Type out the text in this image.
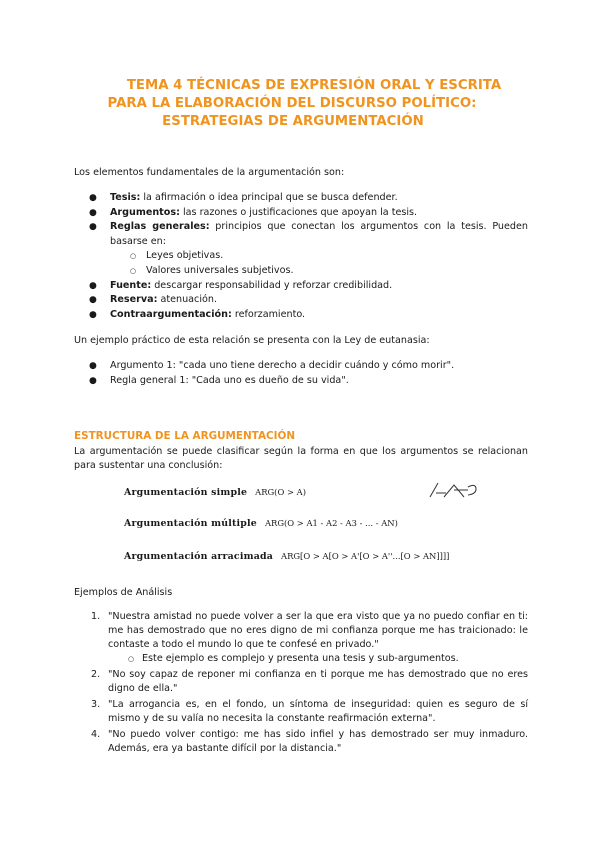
TEMA 4 TÉCNICAS DE EXPRESIÓN ORAL Y ESCRITA
PARA LA ELABORACIÓN DEL DISCURSO POLÍTICO:
ESTRATEGIAS DE ARGUMENTACIÓN
Los elementos fundamentales de la argumentación son:
● Tesis: la afirmación o idea principal que se busca defender.
● Argumentos: las razones o justificaciones que apoyan la tesis.
● Reglas generales: principios que conectan los argumentos con la tesis. Pueden basarse en:
○ Leyes objetivas.
○ Valores universales subjetivos.
● Fuente: descargar responsabilidad y reforzar credibilidad.
● Reserva: atenuación.
● Contraargumentación: reforzamiento.
Un ejemplo práctico de esta relación se presenta con la Ley de eutanasia:
● Argumento 1: "cada uno tiene derecho a decidir cuándo y cómo morir".
● Regla general 1: "Cada uno es dueño de su vida".
ESTRUCTURA DE LA ARGUMENTACIÓN
La argumentación se puede clasificar según la forma en que los argumentos se relacionan para sustentar una conclusión:
Argumentación simple ARG(O > A)
Argumentación múltiple ARG(O > A1 - A2 - A3 - ... - AN)
Argumentación arracimada ARG[O > A[O > A'[O > A''...[O > AN]]]]
Ejemplos de Análisis
1. "Nuestra amistad no puede volver a ser la que era visto que ya no puedo confiar en ti: me has demostrado que no eres digno de mi confianza porque me has traicionado: le contaste a todo el mundo lo que te confesé en privado."
○ Este ejemplo es complejo y presenta una tesis y sub-argumentos.
2. "No soy capaz de reponer mi confianza en ti porque me has demostrado que no eres digno de ella."
3. "La arrogancia es, en el fondo, un síntoma de inseguridad: quien es seguro de sí mismo y de su valía no necesita la constante reafirmación externa".
4. "No puedo volver contigo: me has sido infiel y has demostrado ser muy inmaduro. Además, era ya bastante difícil por la distancia."
